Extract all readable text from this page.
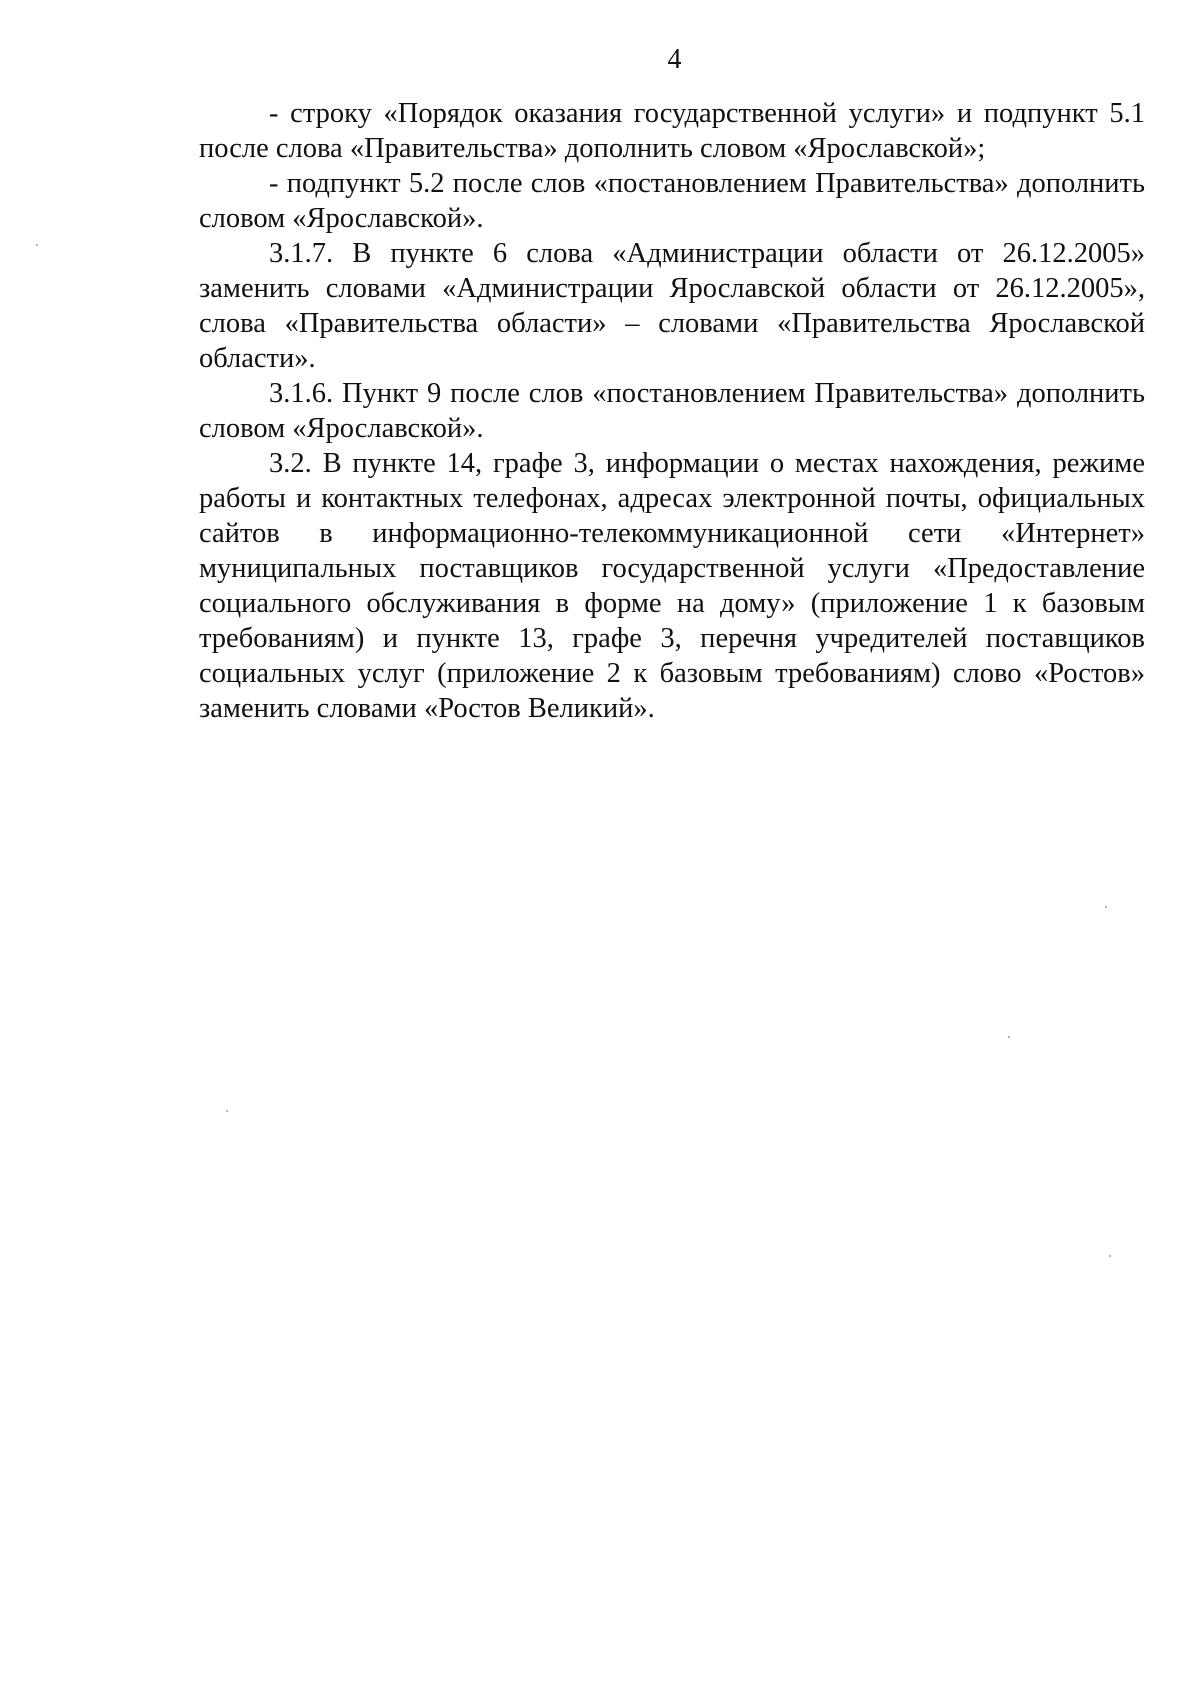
4

- строку «Порядок оказания государственной услуги» и подпункт 5.1 после слова «Правительства» дополнить словом «Ярославской»;

- подпункт 5.2 после слов «постановлением Правительства» дополнить словом «Ярославской».

3.1.7. В пункте 6 слова «Администрации области от 26.12.2005» заменить словами «Администрации Ярославской области от 26.12.2005», слова «Правительства области» – словами «Правительства Ярославской области».

3.1.6. Пункт 9 после слов «постановлением Правительства» дополнить словом «Ярославской».

3.2. В пункте 14, графе 3, информации о местах нахождения, режиме работы и контактных телефонах, адресах электронной почты, официальных сайтов в информационно-телекоммуникационной сети «Интернет» муниципальных поставщиков государственной услуги «Предоставление социального обслуживания в форме на дому» (приложение 1 к базовым требованиям) и пункте 13, графе 3, перечня учредителей поставщиков социальных услуг (приложение 2 к базовым требованиям) слово «Ростов» заменить словами «Ростов Великий».
